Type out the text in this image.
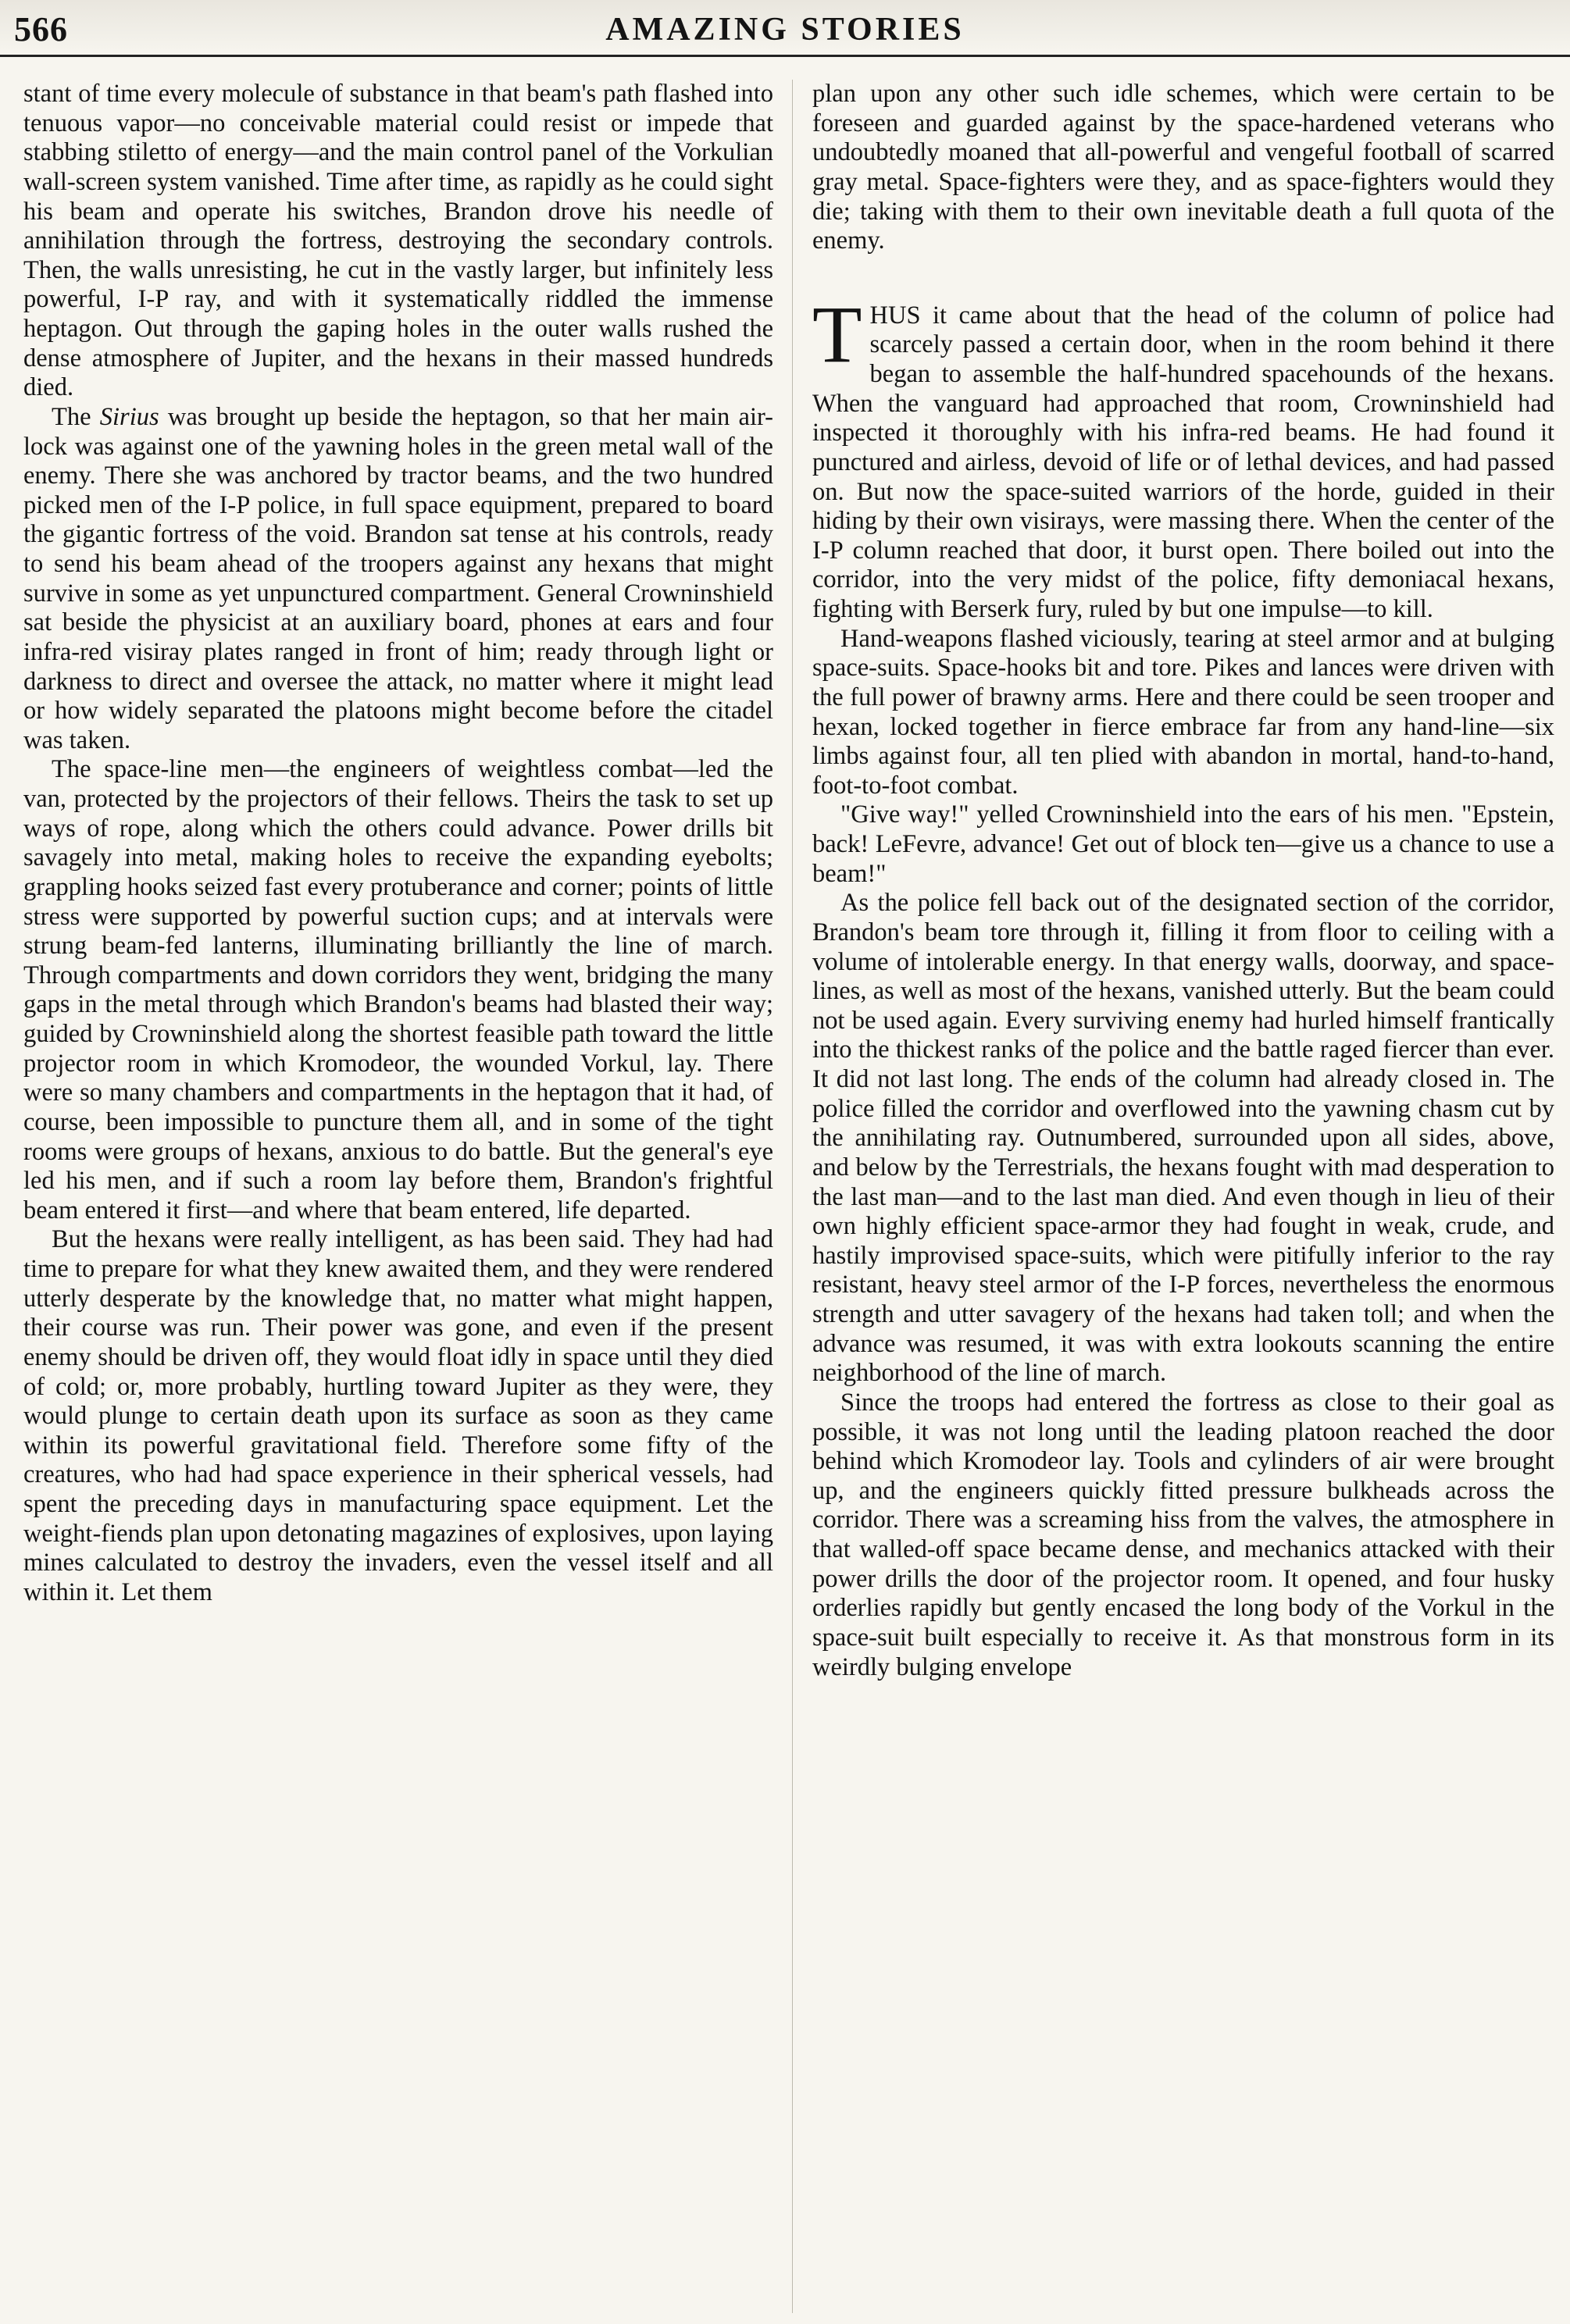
566	AMAZING STORIES

stant of time every molecule of substance in that beam's path flashed into tenuous vapor—no conceivable material could resist or impede that stabbing stiletto of energy—and the main control panel of the Vorkulian wall-screen system vanished. Time after time, as rapidly as he could sight his beam and operate his switches, Brandon drove his needle of annihilation through the fortress, destroying the secondary controls. Then, the walls unresisting, he cut in the vastly larger, but infinitely less powerful, I-P ray, and with it systematically riddled the immense heptagon. Out through the gaping holes in the outer walls rushed the dense atmosphere of Jupiter, and the hexans in their massed hundreds died.

The Sirius was brought up beside the heptagon, so that her main air-lock was against one of the yawning holes in the green metal wall of the enemy. There she was anchored by tractor beams, and the two hundred picked men of the I-P police, in full space equipment, prepared to board the gigantic fortress of the void. Brandon sat tense at his controls, ready to send his beam ahead of the troopers against any hexans that might survive in some as yet unpunctured compartment. General Crowninshield sat beside the physicist at an auxiliary board, phones at ears and four infra-red visiray plates ranged in front of him; ready through light or darkness to direct and oversee the attack, no matter where it might lead or how widely separated the platoons might become before the citadel was taken.

The space-line men—the engineers of weightless combat—led the van, protected by the projectors of their fellows. Theirs the task to set up ways of rope, along which the others could advance. Power drills bit savagely into metal, making holes to receive the expanding eyebolts; grappling hooks seized fast every protuberance and corner; points of little stress were supported by powerful suction cups; and at intervals were strung beam-fed lanterns, illuminating brilliantly the line of march. Through compartments and down corridors they went, bridging the many gaps in the metal through which Brandon's beams had blasted their way; guided by Crowninshield along the shortest feasible path toward the little projector room in which Kromodeor, the wounded Vorkul, lay. There were so many chambers and compartments in the heptagon that it had, of course, been impossible to puncture them all, and in some of the tight rooms were groups of hexans, anxious to do battle. But the general's eye led his men, and if such a room lay before them, Brandon's frightful beam entered it first—and where that beam entered, life departed.

But the hexans were really intelligent, as has been said. They had had time to prepare for what they knew awaited them, and they were rendered utterly desperate by the knowledge that, no matter what might happen, their course was run. Their power was gone, and even if the present enemy should be driven off, they would float idly in space until they died of cold; or, more probably, hurtling toward Jupiter as they were, they would plunge to certain death upon its surface as soon as they came within its powerful gravitational field. Therefore some fifty of the creatures, who had had space experience in their spherical vessels, had spent the preceding days in manufacturing space equipment. Let the weight-fiends plan upon detonating magazines of explosives, upon laying mines calculated to destroy the invaders, even the vessel itself and all within it. Let them

plan upon any other such idle schemes, which were certain to be foreseen and guarded against by the space-hardened veterans who undoubtedly moaned that all-powerful and vengeful football of scarred gray metal. Space-fighters were they, and as space-fighters would they die; taking with them to their own inevitable death a full quota of the enemy.

THUS it came about that the head of the column of police had scarcely passed a certain door, when in the room behind it there began to assemble the half-hundred spacehounds of the hexans. When the vanguard had approached that room, Crowninshield had inspected it thoroughly with his infra-red beams. He had found it punctured and airless, devoid of life or of lethal devices, and had passed on. But now the space-suited warriors of the horde, guided in their hiding by their own visirays, were massing there. When the center of the I-P column reached that door, it burst open. There boiled out into the corridor, into the very midst of the police, fifty demoniacal hexans, fighting with Berserk fury, ruled by but one impulse—to kill.

Hand-weapons flashed viciously, tearing at steel armor and at bulging space-suits. Space-hooks bit and tore. Pikes and lances were driven with the full power of brawny arms. Here and there could be seen trooper and hexan, locked together in fierce embrace far from any hand-line—six limbs against four, all ten plied with abandon in mortal, hand-to-hand, foot-to-foot combat.

"Give way!" yelled Crowninshield into the ears of his men. "Epstein, back! LeFevre, advance! Get out of block ten—give us a chance to use a beam!"

As the police fell back out of the designated section of the corridor, Brandon's beam tore through it, filling it from floor to ceiling with a volume of intolerable energy. In that energy walls, doorway, and space-lines, as well as most of the hexans, vanished utterly. But the beam could not be used again. Every surviving enemy had hurled himself frantically into the thickest ranks of the police and the battle raged fiercer than ever. It did not last long. The ends of the column had already closed in. The police filled the corridor and overflowed into the yawning chasm cut by the annihilating ray. Outnumbered, surrounded upon all sides, above, and below by the Terrestrials, the hexans fought with mad desperation to the last man—and to the last man died. And even though in lieu of their own highly efficient space-armor they had fought in weak, crude, and hastily improvised space-suits, which were pitifully inferior to the ray resistant, heavy steel armor of the I-P forces, nevertheless the enormous strength and utter savagery of the hexans had taken toll; and when the advance was resumed, it was with extra lookouts scanning the entire neighborhood of the line of march.

Since the troops had entered the fortress as close to their goal as possible, it was not long until the leading platoon reached the door behind which Kromodeor lay. Tools and cylinders of air were brought up, and the engineers quickly fitted pressure bulkheads across the corridor. There was a screaming hiss from the valves, the atmosphere in that walled-off space became dense, and mechanics attacked with their power drills the door of the projector room. It opened, and four husky orderlies rapidly but gently encased the long body of the Vorkul in the space-suit built especially to receive it. As that monstrous form in its weirdly bulging envelope
